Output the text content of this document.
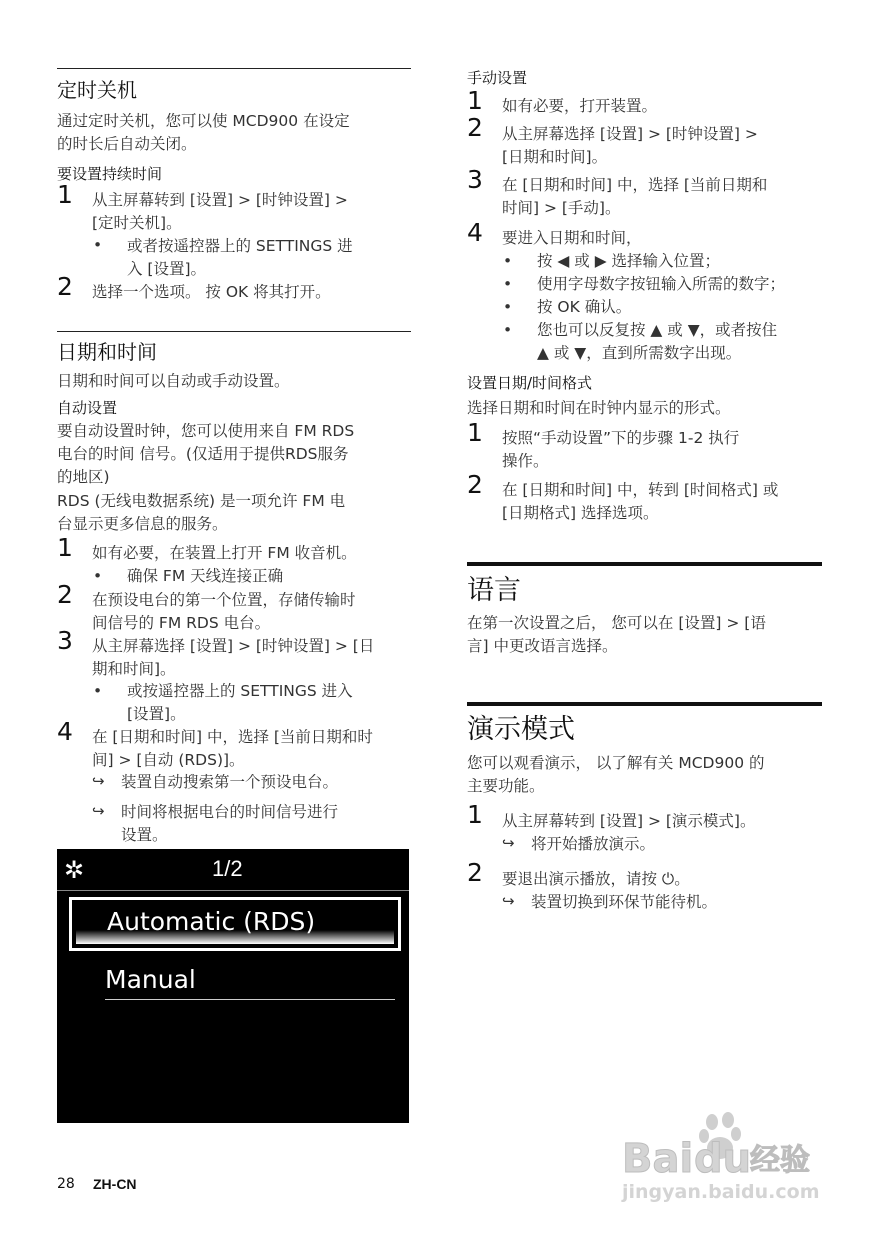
定时关机
通过定时关机，您可以使 MCD900 在设定
的时长后自动关闭。
要设置持续时间
1 从主屏幕转到 [设置] > [时钟设置] >
[定时关机]。
• 或者按遥控器上的 SETTINGS 进
入 [设置]。
2 选择一个选项。 按 OK 将其打开。
日期和时间
日期和时间可以自动或手动设置。
自动设置
要自动设置时钟，您可以使用来自 FM RDS
电台的时间 信号。(仅适用于提供RDS服务
的地区)
RDS (无线电数据系统) 是一项允许 FM 电
台显示更多信息的服务。
1 如有必要，在装置上打开 FM 收音机。
• 确保 FM 天线连接正确
2 在预设电台的第一个位置，存储传输时
间信号的 FM RDS 电台。
3 从主屏幕选择 [设置] > [时钟设置] > [日
期和时间]。
• 或按遥控器上的 SETTINGS 进入
[设置]。
4 在 [日期和时间] 中，选择 [当前日期和时
间] > [自动 (RDS)]。
↪ 装置自动搜索第一个预设电台。
↪ 时间将根据电台的时间信号进行
设置。
✲	1/2
Automatic (RDS)
Manual
手动设置
1 如有必要，打开装置。
2 从主屏幕选择 [设置] > [时钟设置] >
[日期和时间]。
3 在 [日期和时间] 中，选择 [当前日期和
时间] > [手动]。
4 要进入日期和时间，
• 按 ◀ 或 ▶ 选择输入位置；
• 使用字母数字按钮输入所需的数字；
• 按 OK 确认。
• 您也可以反复按 ▲ 或 ▼，或者按住
▲ 或 ▼，直到所需数字出现。
设置日期/时间格式
选择日期和时间在时钟内显示的形式。
1 按照“手动设置”下的步骤 1-2 执行
操作。
2 在 [日期和时间] 中，转到 [时间格式] 或
[日期格式] 选择选项。
语言
在第一次设置之后， 您可以在 [设置] > [语
言] 中更改语言选择。
演示模式
您可以观看演示， 以了解有关 MCD900 的
主要功能。
1 从主屏幕转到 [设置] > [演示模式]。
↪ 将开始播放演示。
2 要退出演示播放，请按 ⏻。
↪ 装置切换到环保节能待机。
28 ZH-CN
Bai du
经验
jingyan.baidu.com
